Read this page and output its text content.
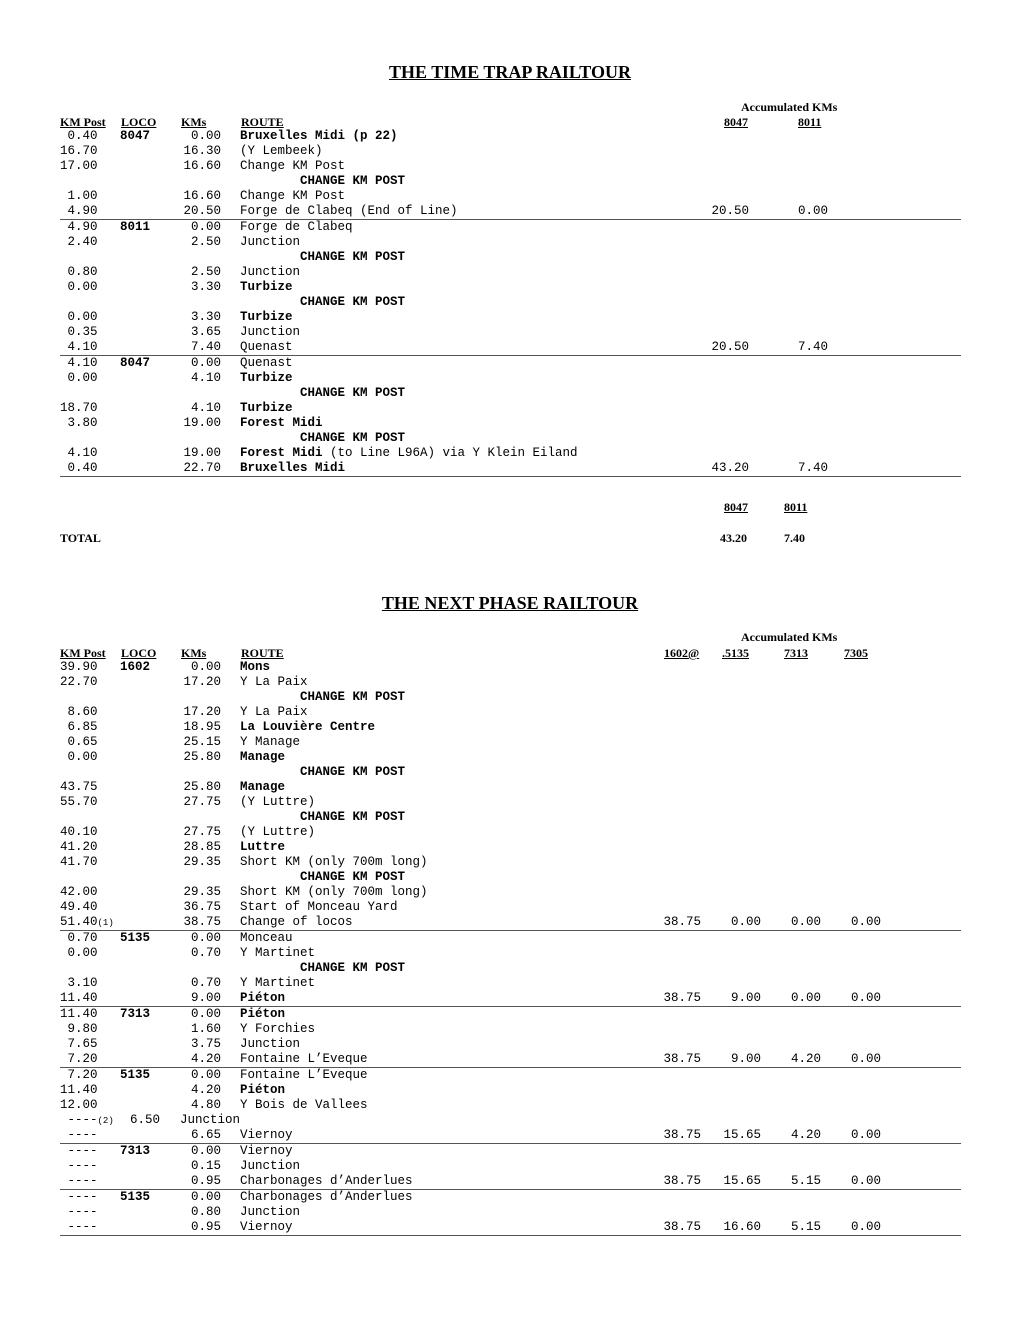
THE TIME TRAP RAILTOUR
Accumulated KMs
KM Post LOCO KMs	ROUTE	8047	8011
0.40 8047	0.00 Bruxelles Midi (p 22)
16.70	16.30 (Y Lembeek)
17.00	16.60 Change KM Post
CHANGE KM POST
1.00	16.60 Change KM Post
4.90	20.50 Forge de Clabeq (End of Line)	20.50	0.00
4.90 8011	0.00 Forge de Clabeq
2.40	2.50 Junction
CHANGE KM POST
0.80	2.50 Junction
0.00	3.30 Turbize
CHANGE KM POST
0.00	3.30 Turbize
0.35	3.65 Junction
4.10	7.40 Quenast	20.50	7.40
4.10 8047	0.00 Quenast
0.00	4.10 Turbize
CHANGE KM POST
18.70	4.10 Turbize
3.80	19.00 Forest Midi
CHANGE KM POST
4.10	19.00 Forest Midi (to Line L96A) via Y Klein Eiland
0.40	22.70 Bruxelles Midi	43.20	7.40
8047	8011
TOTAL	43.20	7.40
THE NEXT PHASE RAILTOUR
Accumulated KMs
KM Post LOCO KMs	ROUTE	1602@ .5135	7313	7305
39.90 1602	0.00 Mons
22.70	17.20 Y La Paix
CHANGE KM POST
8.60	17.20 Y La Paix
6.85	18.95 La Louvière Centre
0.65	25.15 Y Manage
0.00	25.80 Manage
CHANGE KM POST
43.75	25.80 Manage
55.70	27.75 (Y Luttre)
CHANGE KM POST
40.10	27.75 (Y Luttre)
41.20	28.85 Luttre
41.70	29.35 Short KM (only 700m long)
CHANGE KM POST
42.00	29.35 Short KM (only 700m long)
49.40	36.75 Start of Monceau Yard
51.40(1)	38.75 Change of locos	38.75 0.00 0.00 0.00
0.70 5135	0.00 Monceau
0.00	0.70 Y Martinet
CHANGE KM POST
3.10	0.70 Y Martinet
11.40	9.00 Piéton	38.75 9.00 0.00 0.00
11.40 7313	0.00 Piéton
9.80	1.60 Y Forchies
7.65	3.75 Junction
7.20	4.20 Fontaine L’Eveque	38.75 9.00 4.20 0.00
7.20 5135	0.00 Fontaine L’Eveque
11.40	4.20 Piéton
12.00	4.80 Y Bois de Vallees
----(2) 6.50 Junction
----	6.65 Viernoy	38.75 15.65 4.20 0.00
---- 7313	0.00 Viernoy
----	0.15 Junction
----	0.95 Charbonages d’Anderlues	38.75 15.65 5.15 0.00
---- 5135	0.00 Charbonages d’Anderlues
----	0.80 Junction
----	0.95 Viernoy	38.75 16.60 5.15 0.00
